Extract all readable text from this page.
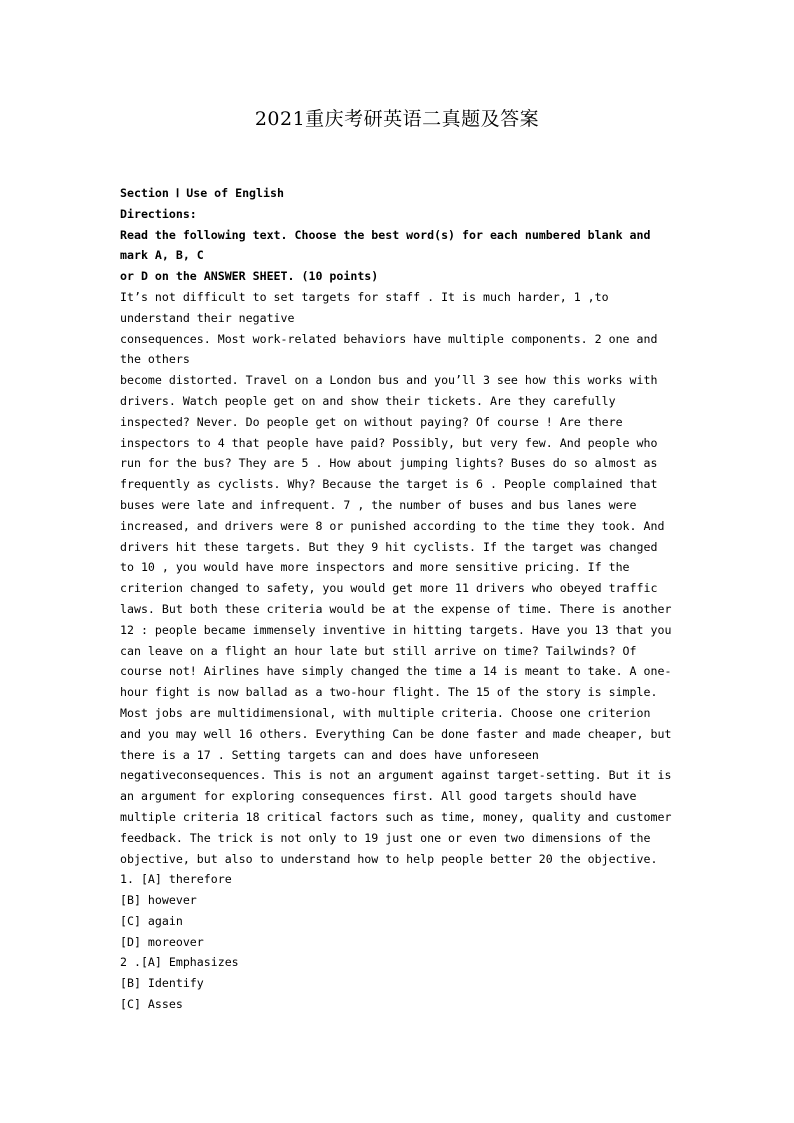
2021重庆考研英语二真题及答案
Section Ⅰ Use of English
Directions:
Read the following text. Choose the best word(s) for each numbered blank and
mark A, B, C
or D on the ANSWER SHEET. (10 points)
It’s not difficult to set targets for staff . It is much harder, 1 ,to
understand their negative
consequences. Most work-related behaviors have multiple components. 2 one and
the others
become distorted. Travel on a London bus and you’ll 3 see how this works with
drivers. Watch people get on and show their tickets. Are they carefully
inspected? Never. Do people get on without paying? Of course ! Are there
inspectors to 4 that people have paid? Possibly, but very few. And people who
run for the bus? They are 5 . How about jumping lights? Buses do so almost as
frequently as cyclists. Why? Because the target is 6 . People complained that
buses were late and infrequent. 7 , the number of buses and bus lanes were
increased, and drivers were 8 or punished according to the time they took. And
drivers hit these targets. But they 9 hit cyclists. If the target was changed
to 10 , you would have more inspectors and more sensitive pricing. If the
criterion changed to safety, you would get more 11 drivers who obeyed traffic
laws. But both these criteria would be at the expense of time. There is another
12 : people became immensely inventive in hitting targets. Have you 13 that you
can leave on a flight an hour late but still arrive on time? Tailwinds? Of
course not! Airlines have simply changed the time a 14 is meant to take. A one-
hour fight is now ballad as a two-hour flight. The 15 of the story is simple.
Most jobs are multidimensional, with multiple criteria. Choose one criterion
and you may well 16 others. Everything Can be done faster and made cheaper, but
there is a 17 . Setting targets can and does have unforeseen
negativeconsequences. This is not an argument against target-setting. But it is
an argument for exploring consequences first. All good targets should have
multiple criteria 18 critical factors such as time, money, quality and customer
feedback. The trick is not only to 19 just one or even two dimensions of the
objective, but also to understand how to help people better 20 the objective.
1. [A] therefore
[B] however
[C] again
[D] moreover
2 .[A] Emphasizes
[B] Identify
[C] Asses
